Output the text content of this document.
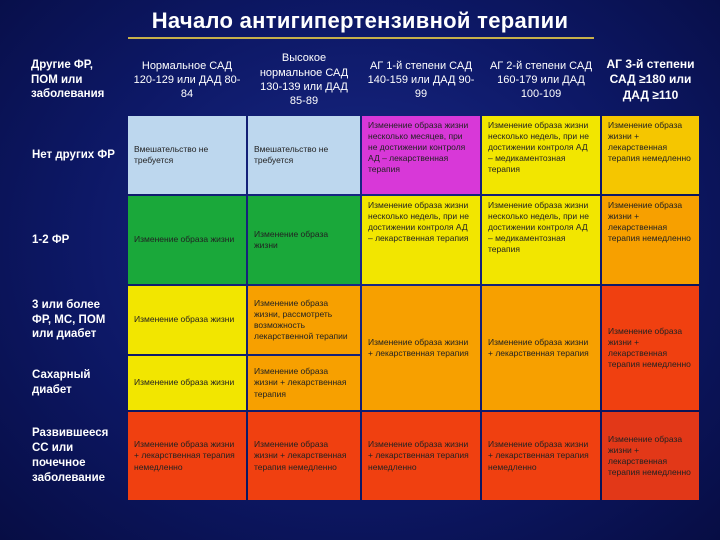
Начало антигипертензивной терапии
Другие ФР, ПОМ или заболевания
Нормальное САД 120-129 или ДАД 80-84
Высокое нормальное САД 130-139 или ДАД 85-89
АГ 1-й степени САД 140-159 или ДАД 90-99
АГ 2-й степени САД 160-179 или ДАД 100-109
АГ 3-й степени САД ≥180 или ДАД ≥110
Нет других ФР
1-2 ФР
3 или более ФР, МС, ПОМ или диабет
Сахарный диабет
Развившееся СС или почечное заболевание
Вмешательство не требуется
Вмешательство не требуется
Изменение образа жизни несколько месяцев, при не достижении контроля АД – лекарственная терапия
Изменение образа жизни несколько недель, при не достижении контроля АД – медикаментозная терапия
Изменение образа жизни + лекарственная терапия немедленно
Изменение образа жизни
Изменение образа жизни
Изменение образа жизни несколько недель, при не достижении контроля АД – лекарственная терапия
Изменение образа жизни несколько недель, при не достижении контроля АД – медикаментозная терапия
Изменение образа жизни + лекарственная терапия немедленно
Изменение образа жизни
Изменение образа жизни, рассмотреть возможность лекарственной терапии
Изменение образа жизни
Изменение образа жизни + лекарственная терапия
Изменение образа жизни + лекарственная терапия
Изменение образа жизни + лекарственная терапия
Изменение образа жизни + лекарственная терапия немедленно
Изменение образа жизни + лекарственная терапия немедленно
Изменение образа жизни + лекарственная терапия немедленно
Изменение образа жизни + лекарственная терапия немедленно
Изменение образа жизни + лекарственная терапия немедленно
Изменение образа жизни + лекарственная терапия немедленно
